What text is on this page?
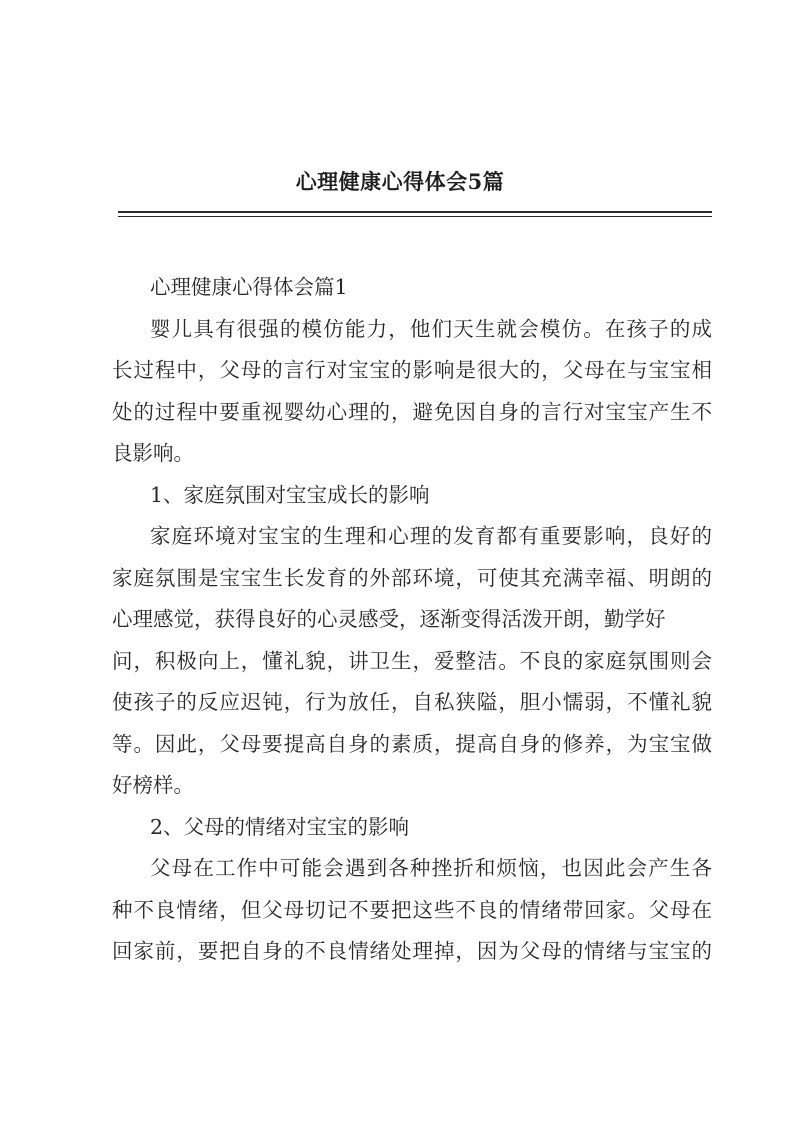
心理健康心得体会5篇
心理健康心得体会篇1
婴儿具有很强的模仿能力，他们天生就会模仿。在孩子的成
长过程中，父母的言行对宝宝的影响是很大的，父母在与宝宝相
处的过程中要重视婴幼心理的，避免因自身的言行对宝宝产生不
良影响。
1、家庭氛围对宝宝成长的影响
家庭环境对宝宝的生理和心理的发育都有重要影响，良好的
家庭氛围是宝宝生长发育的外部环境，可使其充满幸福、明朗的
心理感觉，获得良好的心灵感受，逐渐变得活泼开朗，勤学好
问，积极向上，懂礼貌，讲卫生，爱整洁。不良的家庭氛围则会
使孩子的反应迟钝，行为放任，自私狭隘，胆小懦弱，不懂礼貌
等。因此，父母要提高自身的素质，提高自身的修养，为宝宝做
好榜样。
2、父母的情绪对宝宝的影响
父母在工作中可能会遇到各种挫折和烦恼，也因此会产生各
种不良情绪，但父母切记不要把这些不良的情绪带回家。父母在
回家前，要把自身的不良情绪处理掉，因为父母的情绪与宝宝的
